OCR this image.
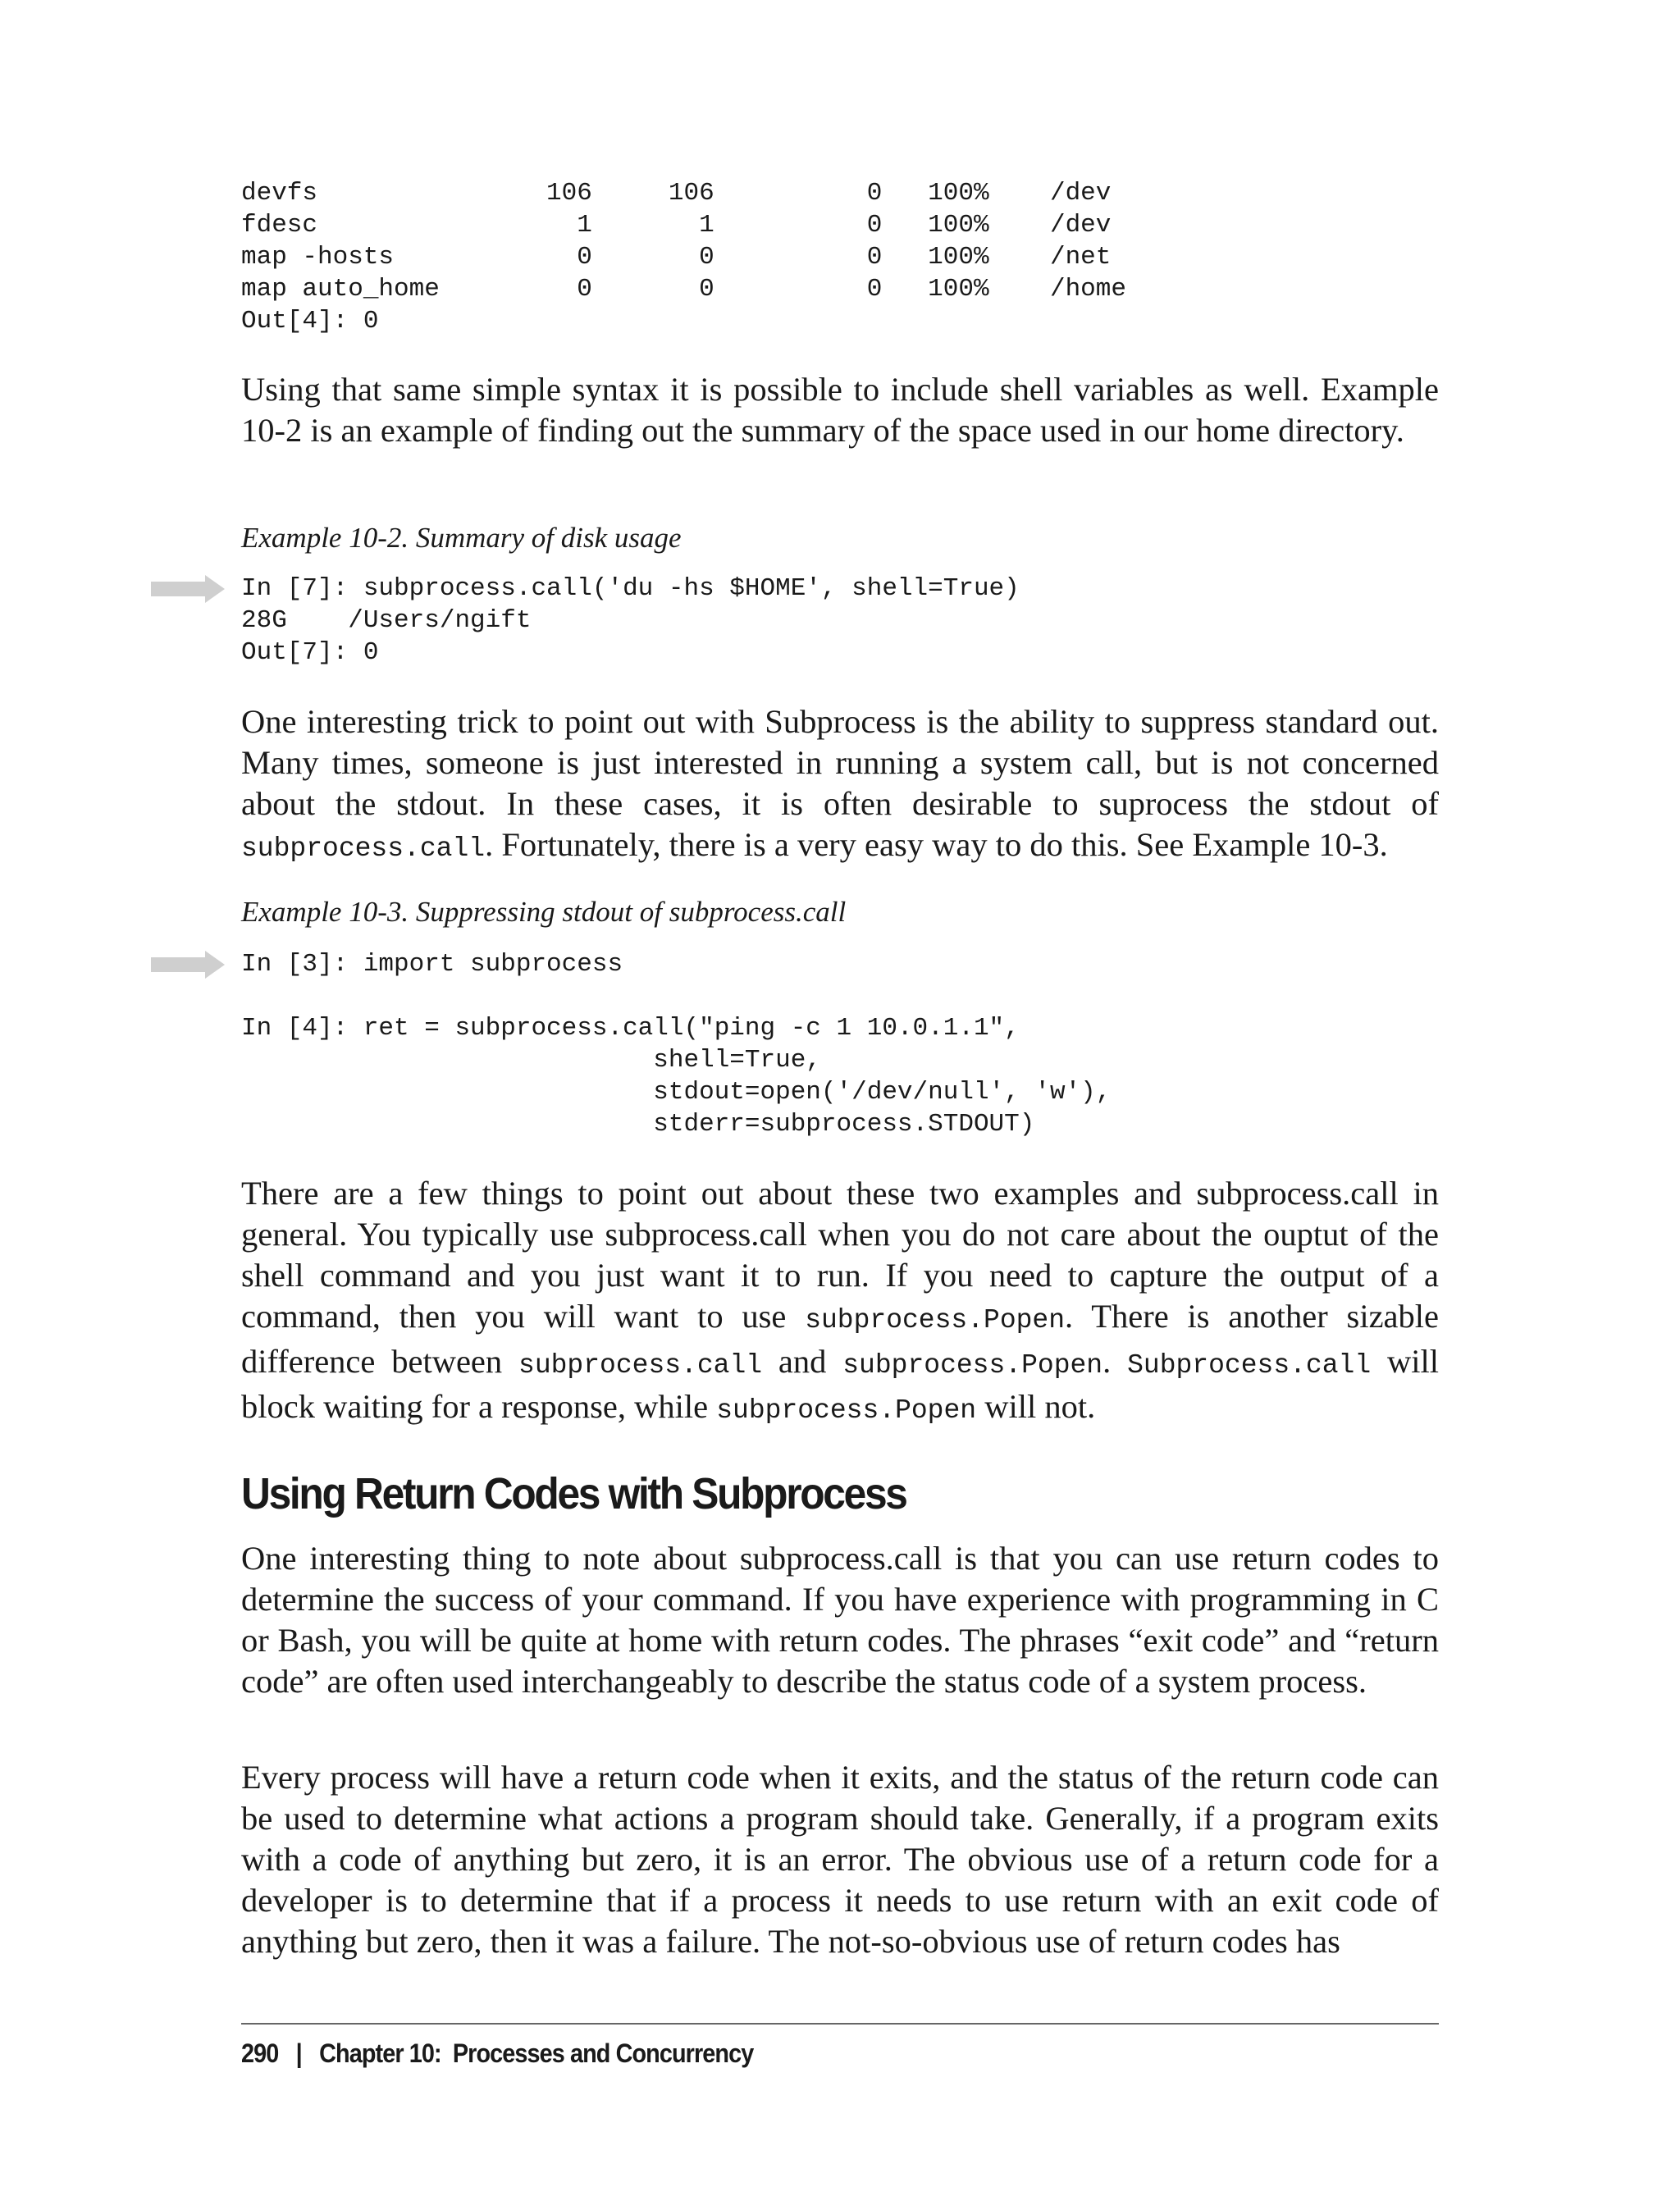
devfs               106     106          0   100%    /dev
fdesc                 1       1          0   100%    /dev
map -hosts            0       0          0   100%    /net
map auto_home         0       0          0   100%    /home
Out[4]: 0

Using that same simple syntax it is possible to include shell variables as well. Example 10-2 is an example of finding out the summary of the space used in our home directory.

Example 10-2. Summary of disk usage

In [7]: subprocess.call('du -hs $HOME', shell=True)
28G    /Users/ngift
Out[7]: 0

One interesting trick to point out with Subprocess is the ability to suppress standard out. Many times, someone is just interested in running a system call, but is not concerned about the stdout. In these cases, it is often desirable to suprocess the stdout of subprocess.call. Fortunately, there is a very easy way to do this. See Example 10-3.

Example 10-3. Suppressing stdout of subprocess.call

In [3]: import subprocess

In [4]: ret = subprocess.call("ping -c 1 10.0.1.1",
shell=True,
stdout=open('/dev/null', 'w'),
stderr=subprocess.STDOUT)

There are a few things to point out about these two examples and subprocess.call in general. You typically use subprocess.call when you do not care about the ouptut of the shell command and you just want it to run. If you need to capture the output of a command, then you will want to use subprocess.Popen. There is another sizable difference between subprocess.call and subprocess.Popen. Subprocess.call will block waiting for a response, while subprocess.Popen will not.

Using Return Codes with Subprocess

One interesting thing to note about subprocess.call is that you can use return codes to determine the success of your command. If you have experience with programming in C or Bash, you will be quite at home with return codes. The phrases “exit code” and “return code” are often used interchangeably to describe the status code of a system process.

Every process will have a return code when it exits, and the status of the return code can be used to determine what actions a program should take. Generally, if a program exits with a code of anything but zero, it is an error. The obvious use of a return code for a developer is to determine that if a process it needs to use return with an exit code of anything but zero, then it was a failure. The not-so-obvious use of return codes has

290 | Chapter 10:  Processes and Concurrency
